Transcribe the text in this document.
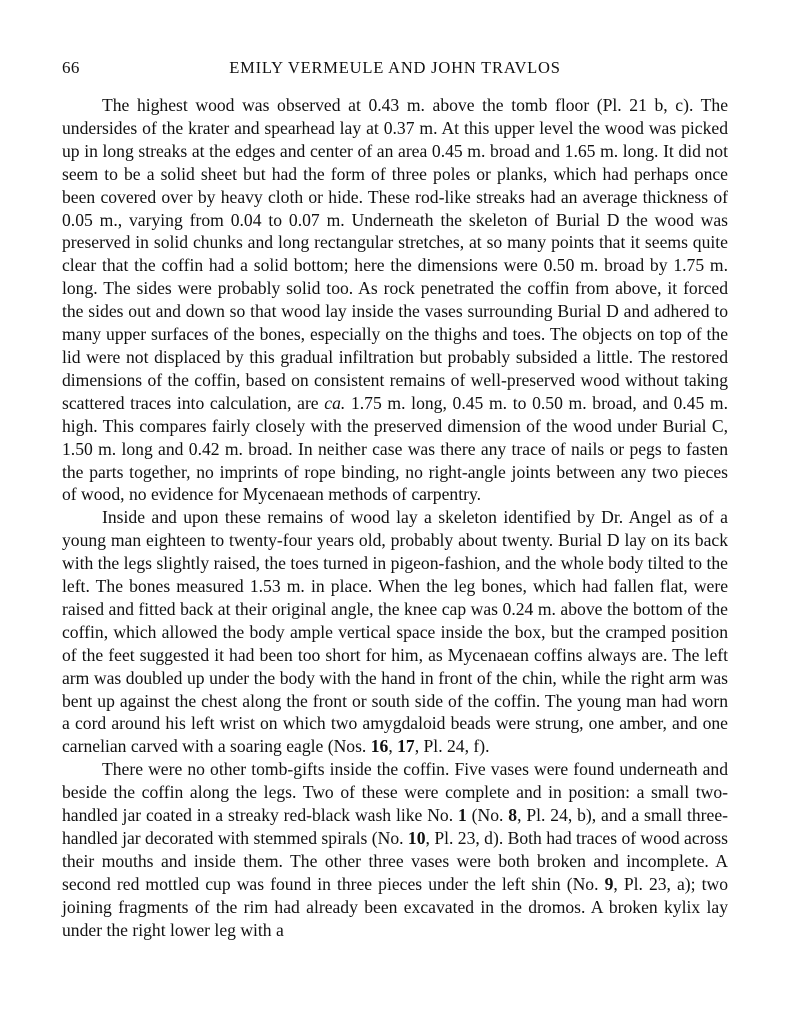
66	EMILY VERMEULE AND JOHN TRAVLOS

The highest wood was observed at 0.43 m. above the tomb floor (Pl. 21 b, c). The undersides of the krater and spearhead lay at 0.37 m. At this upper level the wood was picked up in long streaks at the edges and center of an area 0.45 m. broad and 1.65 m. long. It did not seem to be a solid sheet but had the form of three poles or planks, which had perhaps once been covered over by heavy cloth or hide. These rod-like streaks had an average thickness of 0.05 m., varying from 0.04 to 0.07 m. Underneath the skeleton of Burial D the wood was preserved in solid chunks and long rectangular stretches, at so many points that it seems quite clear that the coffin had a solid bottom; here the dimensions were 0.50 m. broad by 1.75 m. long. The sides were probably solid too. As rock penetrated the coffin from above, it forced the sides out and down so that wood lay inside the vases surrounding Burial D and adhered to many upper surfaces of the bones, especially on the thighs and toes. The objects on top of the lid were not displaced by this gradual infiltration but probably subsided a little. The restored dimensions of the coffin, based on consistent remains of well-preserved wood without taking scattered traces into calculation, are ca. 1.75 m. long, 0.45 m. to 0.50 m. broad, and 0.45 m. high. This compares fairly closely with the preserved dimension of the wood under Burial C, 1.50 m. long and 0.42 m. broad. In neither case was there any trace of nails or pegs to fasten the parts together, no imprints of rope binding, no right-angle joints between any two pieces of wood, no evidence for Mycenaean methods of carpentry.

Inside and upon these remains of wood lay a skeleton identified by Dr. Angel as of a young man eighteen to twenty-four years old, probably about twenty. Burial D lay on its back with the legs slightly raised, the toes turned in pigeon-fashion, and the whole body tilted to the left. The bones measured 1.53 m. in place. When the leg bones, which had fallen flat, were raised and fitted back at their original angle, the knee cap was 0.24 m. above the bottom of the coffin, which allowed the body ample vertical space inside the box, but the cramped position of the feet suggested it had been too short for him, as Mycenaean coffins always are. The left arm was doubled up under the body with the hand in front of the chin, while the right arm was bent up against the chest along the front or south side of the coffin. The young man had worn a cord around his left wrist on which two amygdaloid beads were strung, one amber, and one carnelian carved with a soaring eagle (Nos. 16, 17, Pl. 24, f).

There were no other tomb-gifts inside the coffin. Five vases were found underneath and beside the coffin along the legs. Two of these were complete and in position: a small two-handled jar coated in a streaky red-black wash like No. 1 (No. 8, Pl. 24, b), and a small three-handled jar decorated with stemmed spirals (No. 10, Pl. 23, d). Both had traces of wood across their mouths and inside them. The other three vases were both broken and incomplete. A second red mottled cup was found in three pieces under the left shin (No. 9, Pl. 23, a); two joining fragments of the rim had already been excavated in the dromos. A broken kylix lay under the right lower leg with a
